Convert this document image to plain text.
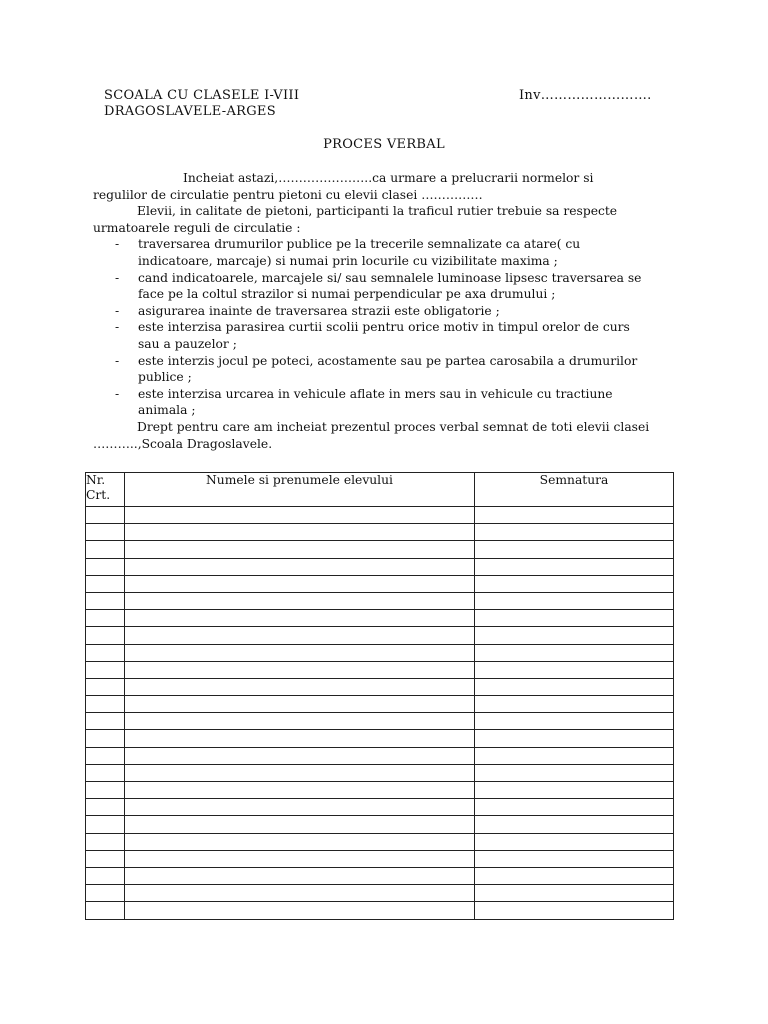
SCOALA CU CLASELE I-VIII
DRAGOSLAVELE-ARGES
Inv…………………….
PROCES VERBAL

Incheiat astazi,…………………..ca urmare a prelucrarii normelor si

regulilor de circulatie pentru pietoni cu elevii clasei ……………

Elevii, in calitate de pietoni, participanti la traficul rutier trebuie sa respecte

urmatoarele reguli de circulatie :

- traversarea drumurilor publice pe la trecerile semnalizate ca atare( cu
indicatoare, marcaje) si numai prin locurile cu vizibilitate maxima ;
- cand indicatoarele, marcajele si/ sau semnalele luminoase lipsesc traversarea se
face pe la coltul strazilor si numai perpendicular pe axa drumului ;
- asigurarea inainte de traversarea strazii este obligatorie ;
- este interzisa parasirea curtii scolii pentru orice motiv in timpul orelor de curs
sau a pauzelor ;
- este interzis jocul pe poteci, acostamente sau pe partea carosabila a drumurilor
publice ;
- este interzisa urcarea in vehicule aflate in mers sau in vehicule cu tractiune
animala ;

Drept pentru care am incheiat prezentul proces verbal semnat de toti elevii clasei

………..,Scoala Dragoslavele.

Nr.
Crt.	Numele si prenumele elevului	Semnatura
